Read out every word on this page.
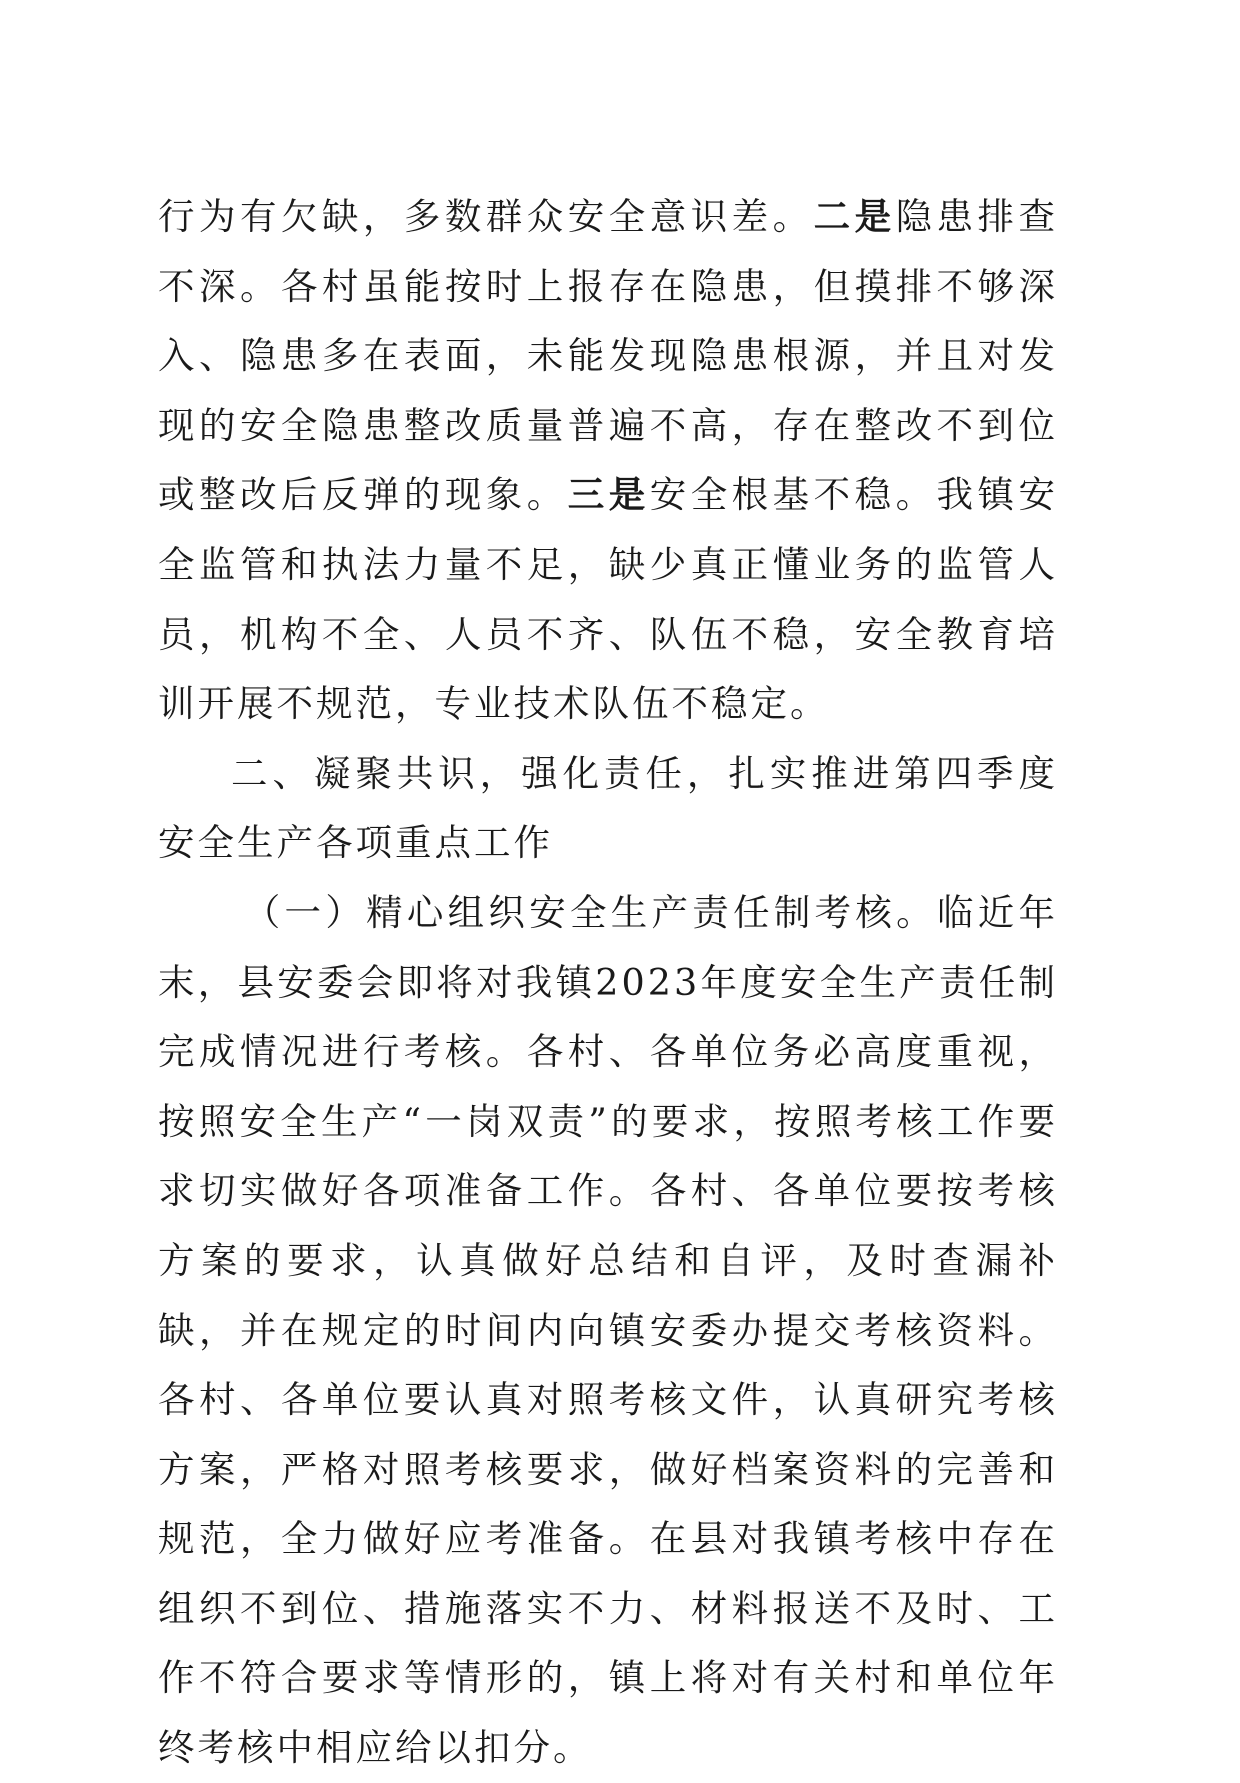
行为有欠缺，多数群众安全意识差。二是隐患排查不深。各村虽能按时上报存在隐患，但摸排不够深入、隐患多在表面，未能发现隐患根源，并且对发现的安全隐患整改质量普遍不高，存在整改不到位或整改后反弹的现象。三是安全根基不稳。我镇安全监管和执法力量不足，缺少真正懂业务的监管人员，机构不全、人员不齐、队伍不稳，安全教育培训开展不规范，专业技术队伍不稳定。

二、凝聚共识，强化责任，扎实推进第四季度安全生产各项重点工作

（一）精心组织安全生产责任制考核。临近年末，县安委会即将对我镇2023年度安全生产责任制完成情况进行考核。各村、各单位务必高度重视，按照安全生产“一岗双责”的要求，按照考核工作要求切实做好各项准备工作。各村、各单位要按考核方案的要求，认真做好总结和自评，及时查漏补缺，并在规定的时间内向镇安委办提交考核资料。各村、各单位要认真对照考核文件，认真研究考核方案，严格对照考核要求，做好档案资料的完善和规范，全力做好应考准备。在县对我镇考核中存在组织不到位、措施落实不力、材料报送不及时、工作不符合要求等情形的，镇上将对有关村和单位年终考核中相应给以扣分。
